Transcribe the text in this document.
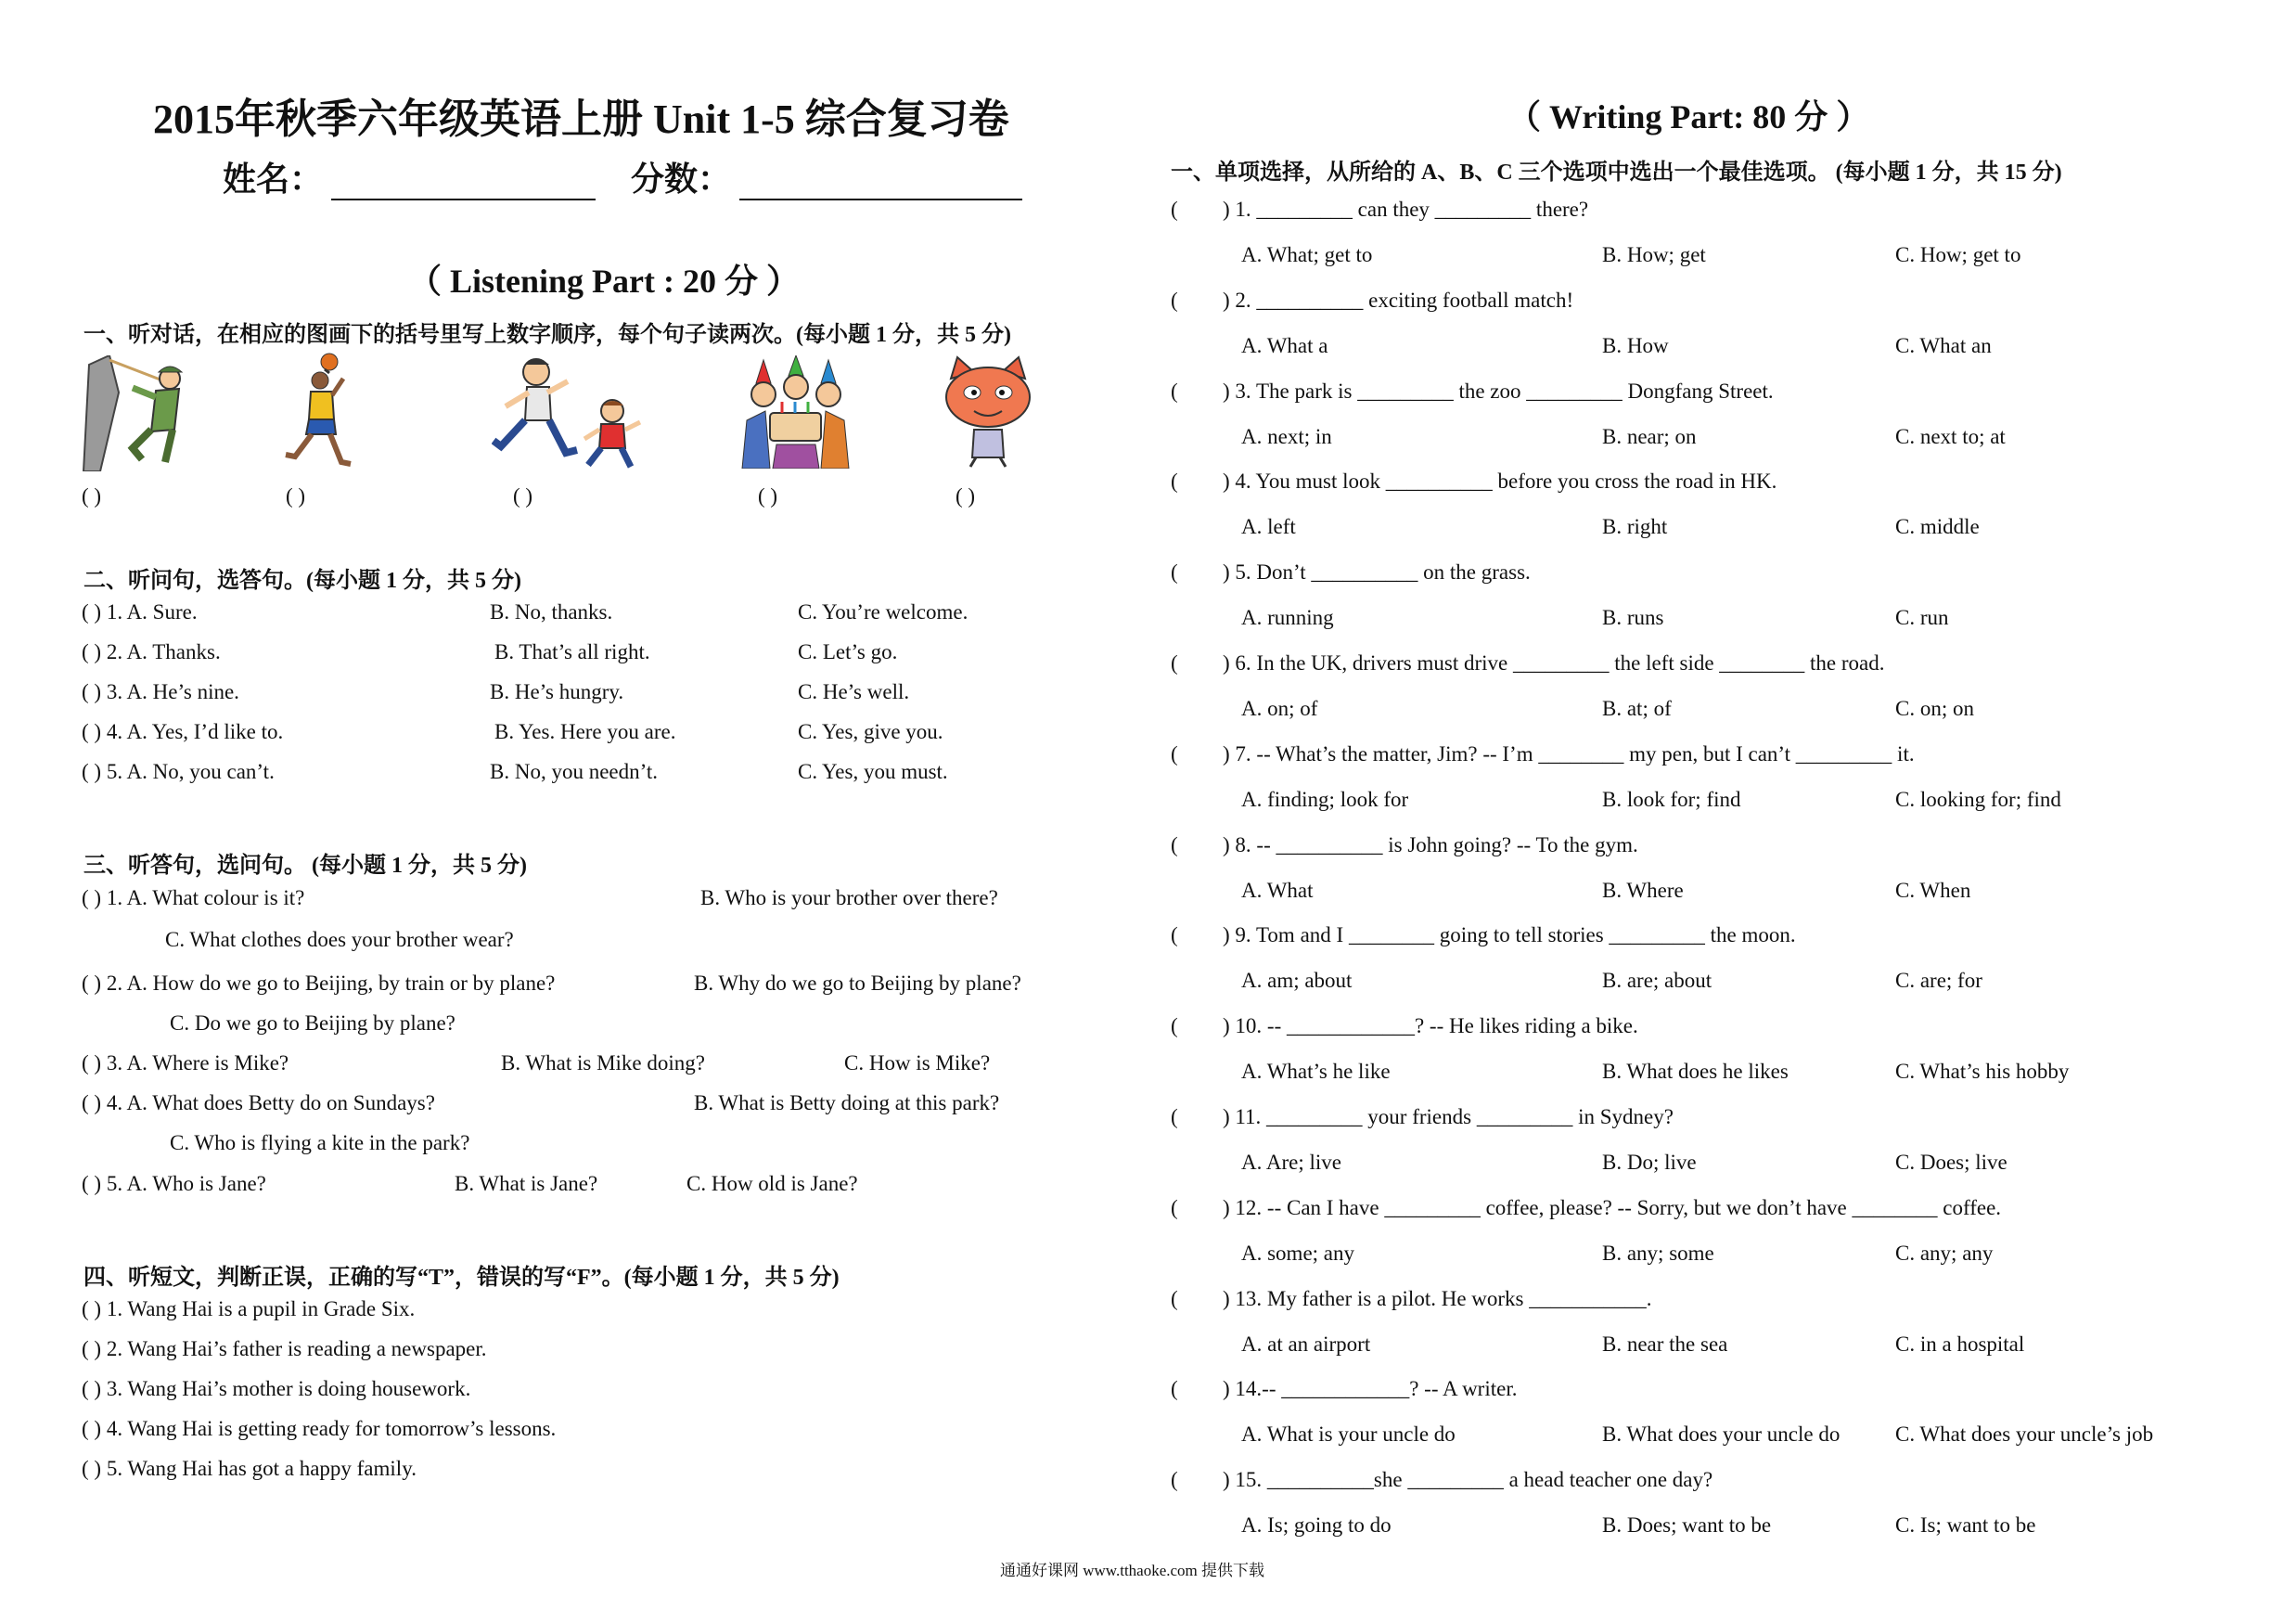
2015年秋季六年级英语上册 Unit 1-5 综合复习卷
姓名：	分数：
（ Listening Part : 20 分 ）
一、听对话，在相应的图画下的括号里写上数字顺序，每个句子读两次。(每小题 1 分，共 5 分)
( )	( )	( )	( )	( )
二、听问句，选答句。(每小题 1 分，共 5 分)
( ) 1. A. Sure.	B. No, thanks.	C. You’re welcome.
( ) 2. A. Thanks.	B. That’s all right.	C. Let’s go.
( ) 3. A. He’s nine.	B. He’s hungry.	C. He’s well.
( ) 4. A. Yes, I’d like to.	B. Yes. Here you are.	C. Yes, give you.
( ) 5. A. No, you can’t.	B. No, you needn’t.	C. Yes, you must.
三、听答句，选问句。 (每小题 1 分，共 5 分)
( ) 1. A. What colour is it?	B. Who is your brother over there?
C. What clothes does your brother wear?
( ) 2. A. How do we go to Beijing, by train or by plane?	B. Why do we go to Beijing by plane?
C. Do we go to Beijing by plane?
( ) 3. A. Where is Mike?	B. What is Mike doing?	C. How is Mike?
( ) 4. A. What does Betty do on Sundays?	B. What is Betty doing at this park?
C. Who is flying a kite in the park?
( ) 5. A. Who is Jane?	B. What is Jane?	C. How old is Jane?
四、听短文，判断正误，正确的写“T”，错误的写“F”。(每小题 1 分，共 5 分)
( ) 1. Wang Hai is a pupil in Grade Six.
( ) 2. Wang Hai’s father is reading a newspaper.
( ) 3. Wang Hai’s mother is doing housework.
( ) 4. Wang Hai is getting ready for tomorrow’s lessons.
( ) 5. Wang Hai has got a happy family.
（ Writing Part: 80 分 ）
一、单项选择，从所给的 A、B、C 三个选项中选出一个最佳选项。 (每小题 1 分，共 15 分)
( ) 1. _________ can they _________ there?
A. What; get to	B. How; get	C. How; get to
( ) 2. __________ exciting football match!
A. What a	B. How	C. What an
( ) 3. The park is _________ the zoo _________ Dongfang Street.
A. next; in	B. near; on	C. next to; at
( ) 4. You must look __________ before you cross the road in HK.
A. left	B. right	C. middle
( ) 5. Don’t __________ on the grass.
A. running	B. runs	C. run
( ) 6. In the UK, drivers must drive _________ the left side ________ the road.
A. on; of	B. at; of	C. on; on
( ) 7. -- What’s the matter, Jim? -- I’m ________ my pen, but I can’t _________ it.
A. finding; look for	B. look for; find	C. looking for; find
( ) 8. -- __________ is John going? -- To the gym.
A. What	B. Where	C. When
( ) 9. Tom and I ________ going to tell stories _________ the moon.
A. am; about	B. are; about	C. are; for
( ) 10. -- ____________? -- He likes riding a bike.
A. What’s he like	B. What does he likes	C. What’s his hobby
( ) 11. _________ your friends _________ in Sydney?
A. Are; live	B. Do; live	C. Does; live
( ) 12. -- Can I have _________ coffee, please? -- Sorry, but we don’t have ________ coffee.
A. some; any	B. any; some	C. any; any
( ) 13. My father is a pilot. He works ___________.
A. at an airport	B. near the sea	C. in a hospital
( ) 14.-- ____________? -- A writer.
A. What is your uncle do	B. What does your uncle do	C. What does your uncle’s job
( ) 15. __________she _________ a head teacher one day?
A. Is; going to do	B. Does; want to be	C. Is; want to be
通通好课网 www.tthaoke.com 提供下载
